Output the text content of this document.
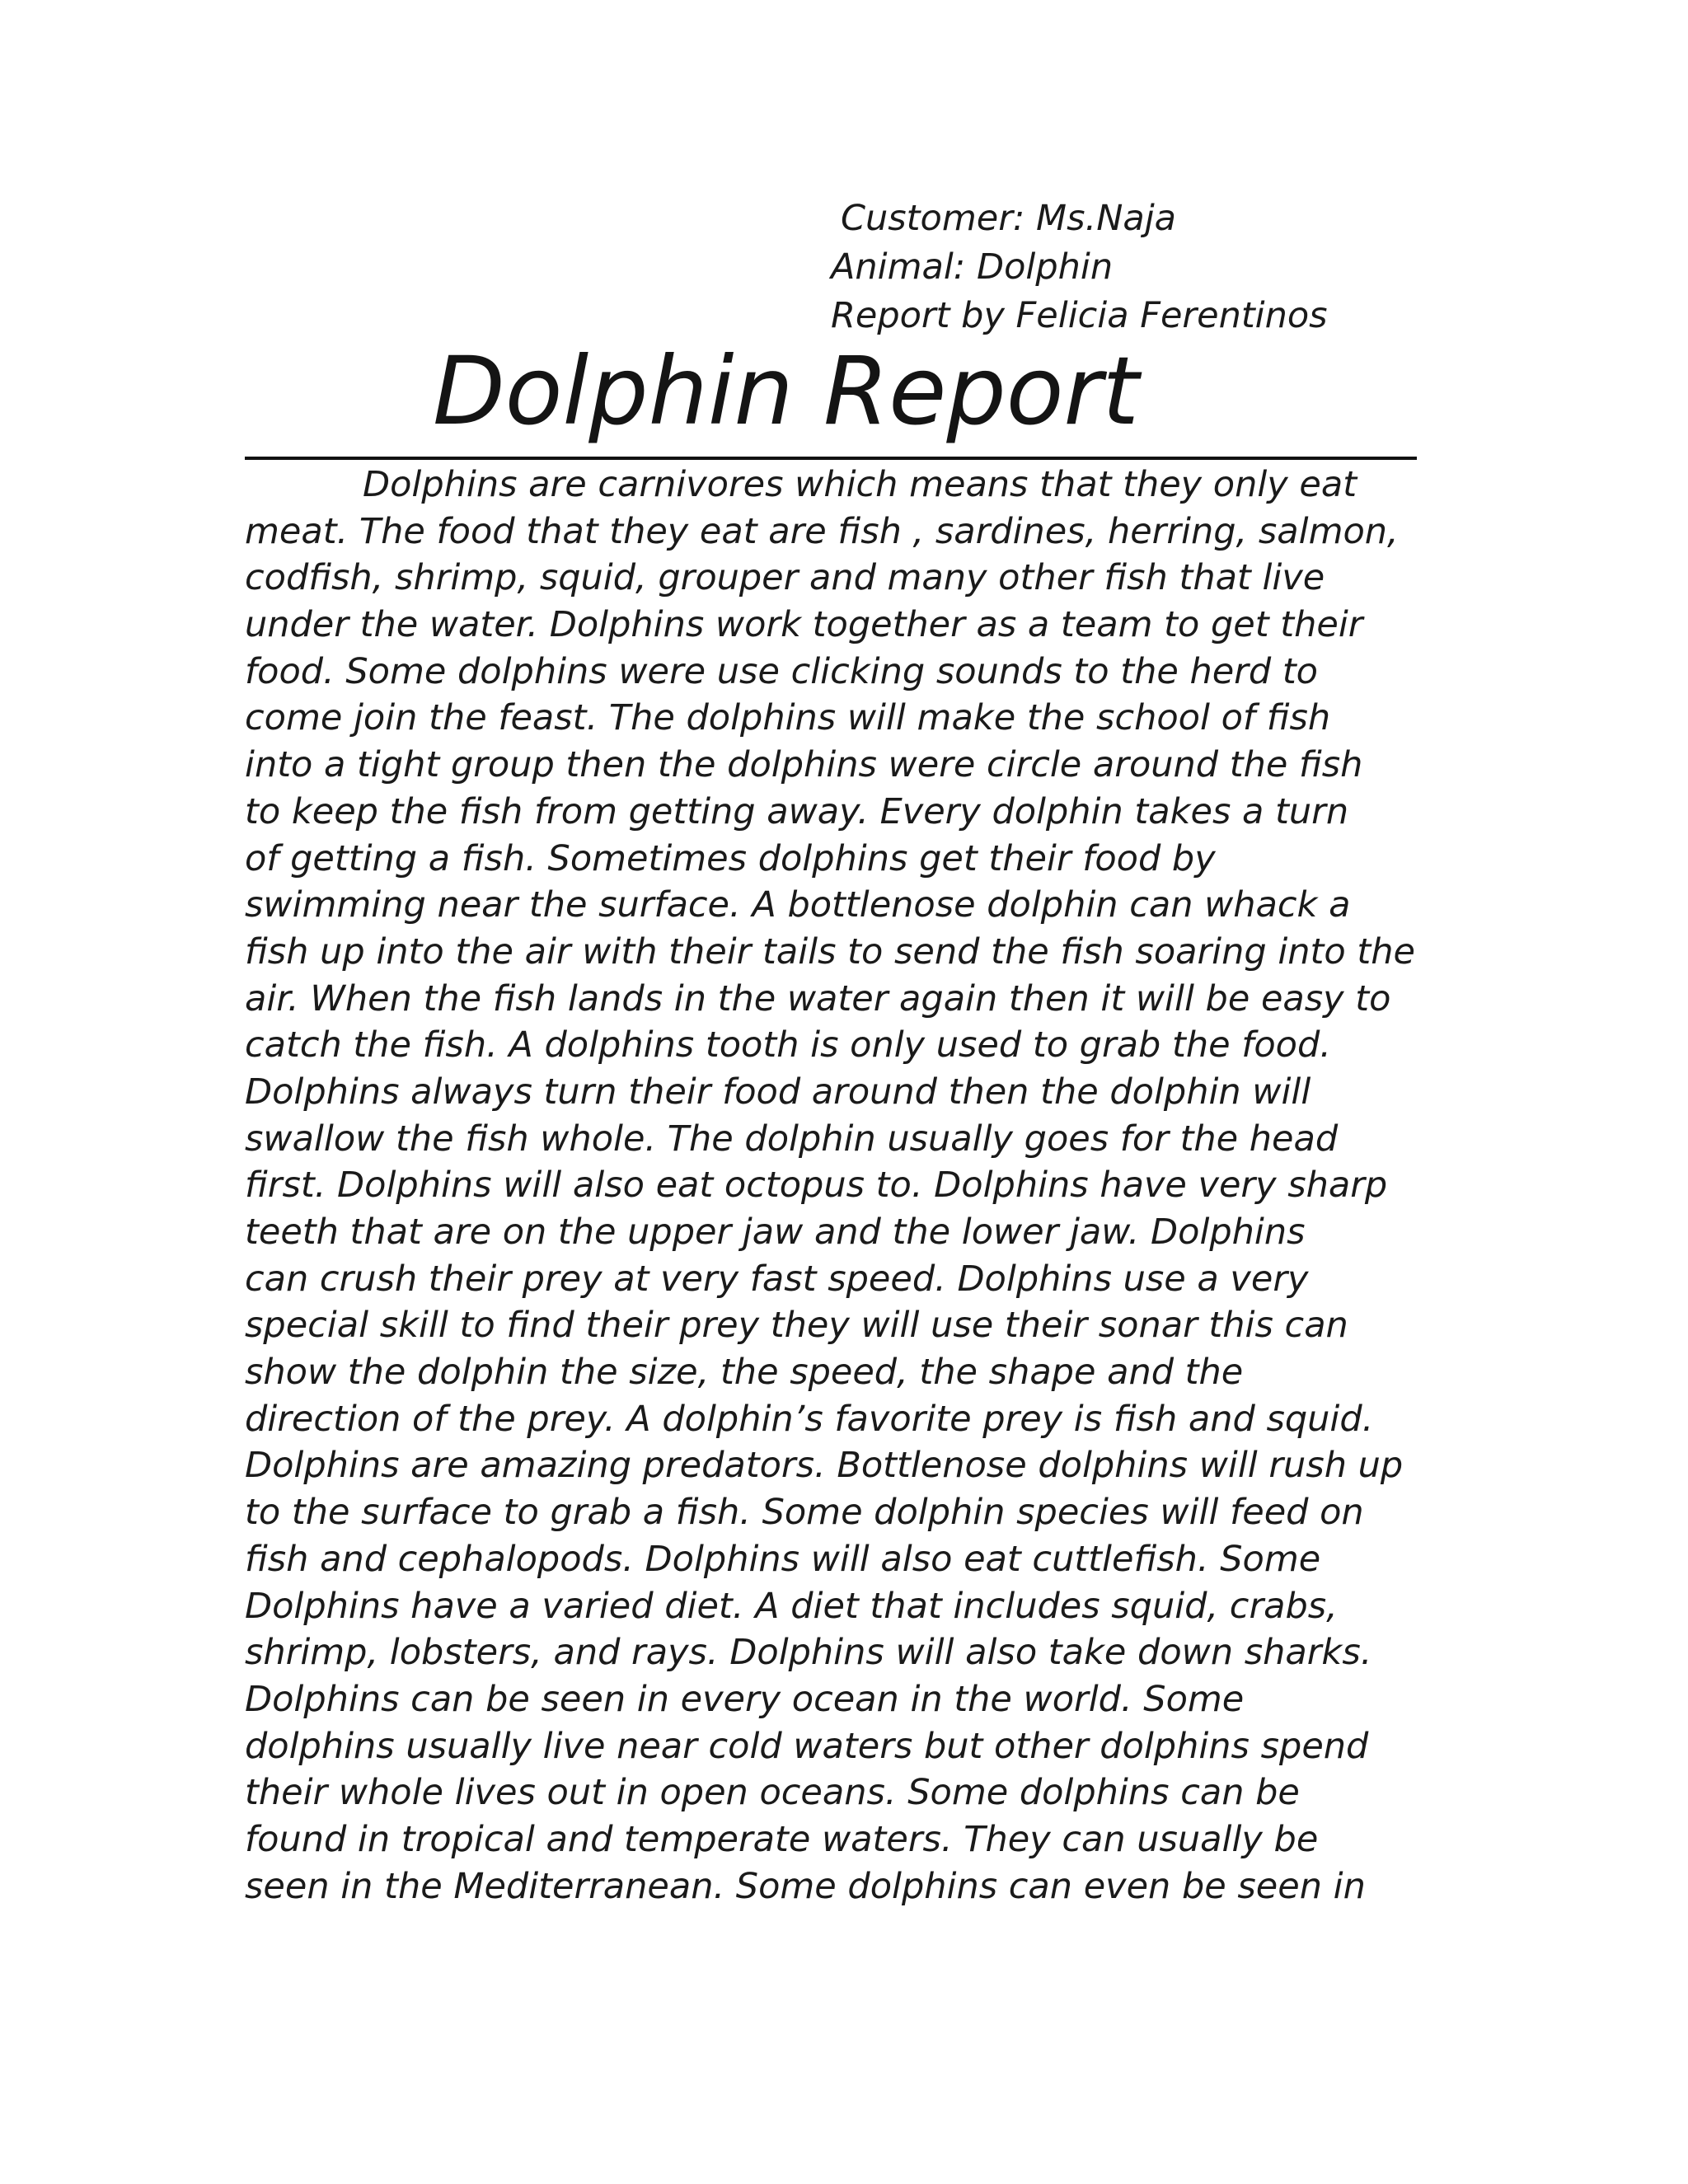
Customer: Ms.Naja
Animal: Dolphin
Report by Felicia Ferentinos
Dolphin Report
Dolphins are carnivores which means that they only eat
meat. The food that they eat are fish , sardines, herring, salmon,
codfish, shrimp, squid, grouper and many other fish that live
under the water. Dolphins work together as a team to get their
food. Some dolphins were use clicking sounds to the herd to
come join the feast. The dolphins will make the school of fish
into a tight group then the dolphins were circle around the fish
to keep the fish from getting away. Every dolphin takes a turn
of getting a fish. Sometimes dolphins get their food by
swimming near the surface. A bottlenose dolphin can whack a
fish up into the air with their tails to send the fish soaring into the
air. When the fish lands in the water again then it will be easy to
catch the fish. A dolphins tooth is only used to grab the food.
Dolphins always turn their food around then the dolphin will
swallow the fish whole. The dolphin usually goes for the head
first. Dolphins will also eat octopus to. Dolphins have very sharp
teeth that are on the upper jaw and the lower jaw. Dolphins
can crush their prey at very fast speed. Dolphins use a very
special skill to find their prey they will use their sonar this can
show the dolphin the size, the speed, the shape and the
direction of the prey. A dolphin’s favorite prey is fish and squid.
Dolphins are amazing predators. Bottlenose dolphins will rush up
to the surface to grab a fish. Some dolphin species will feed on
fish and cephalopods. Dolphins will also eat cuttlefish. Some
Dolphins have a varied diet. A diet that includes squid, crabs,
shrimp, lobsters, and rays. Dolphins will also take down sharks.
Dolphins can be seen in every ocean in the world. Some
dolphins usually live near cold waters but other dolphins spend
their whole lives out in open oceans. Some dolphins can be
found in tropical and temperate waters. They can usually be
seen in the Mediterranean. Some dolphins can even be seen in
